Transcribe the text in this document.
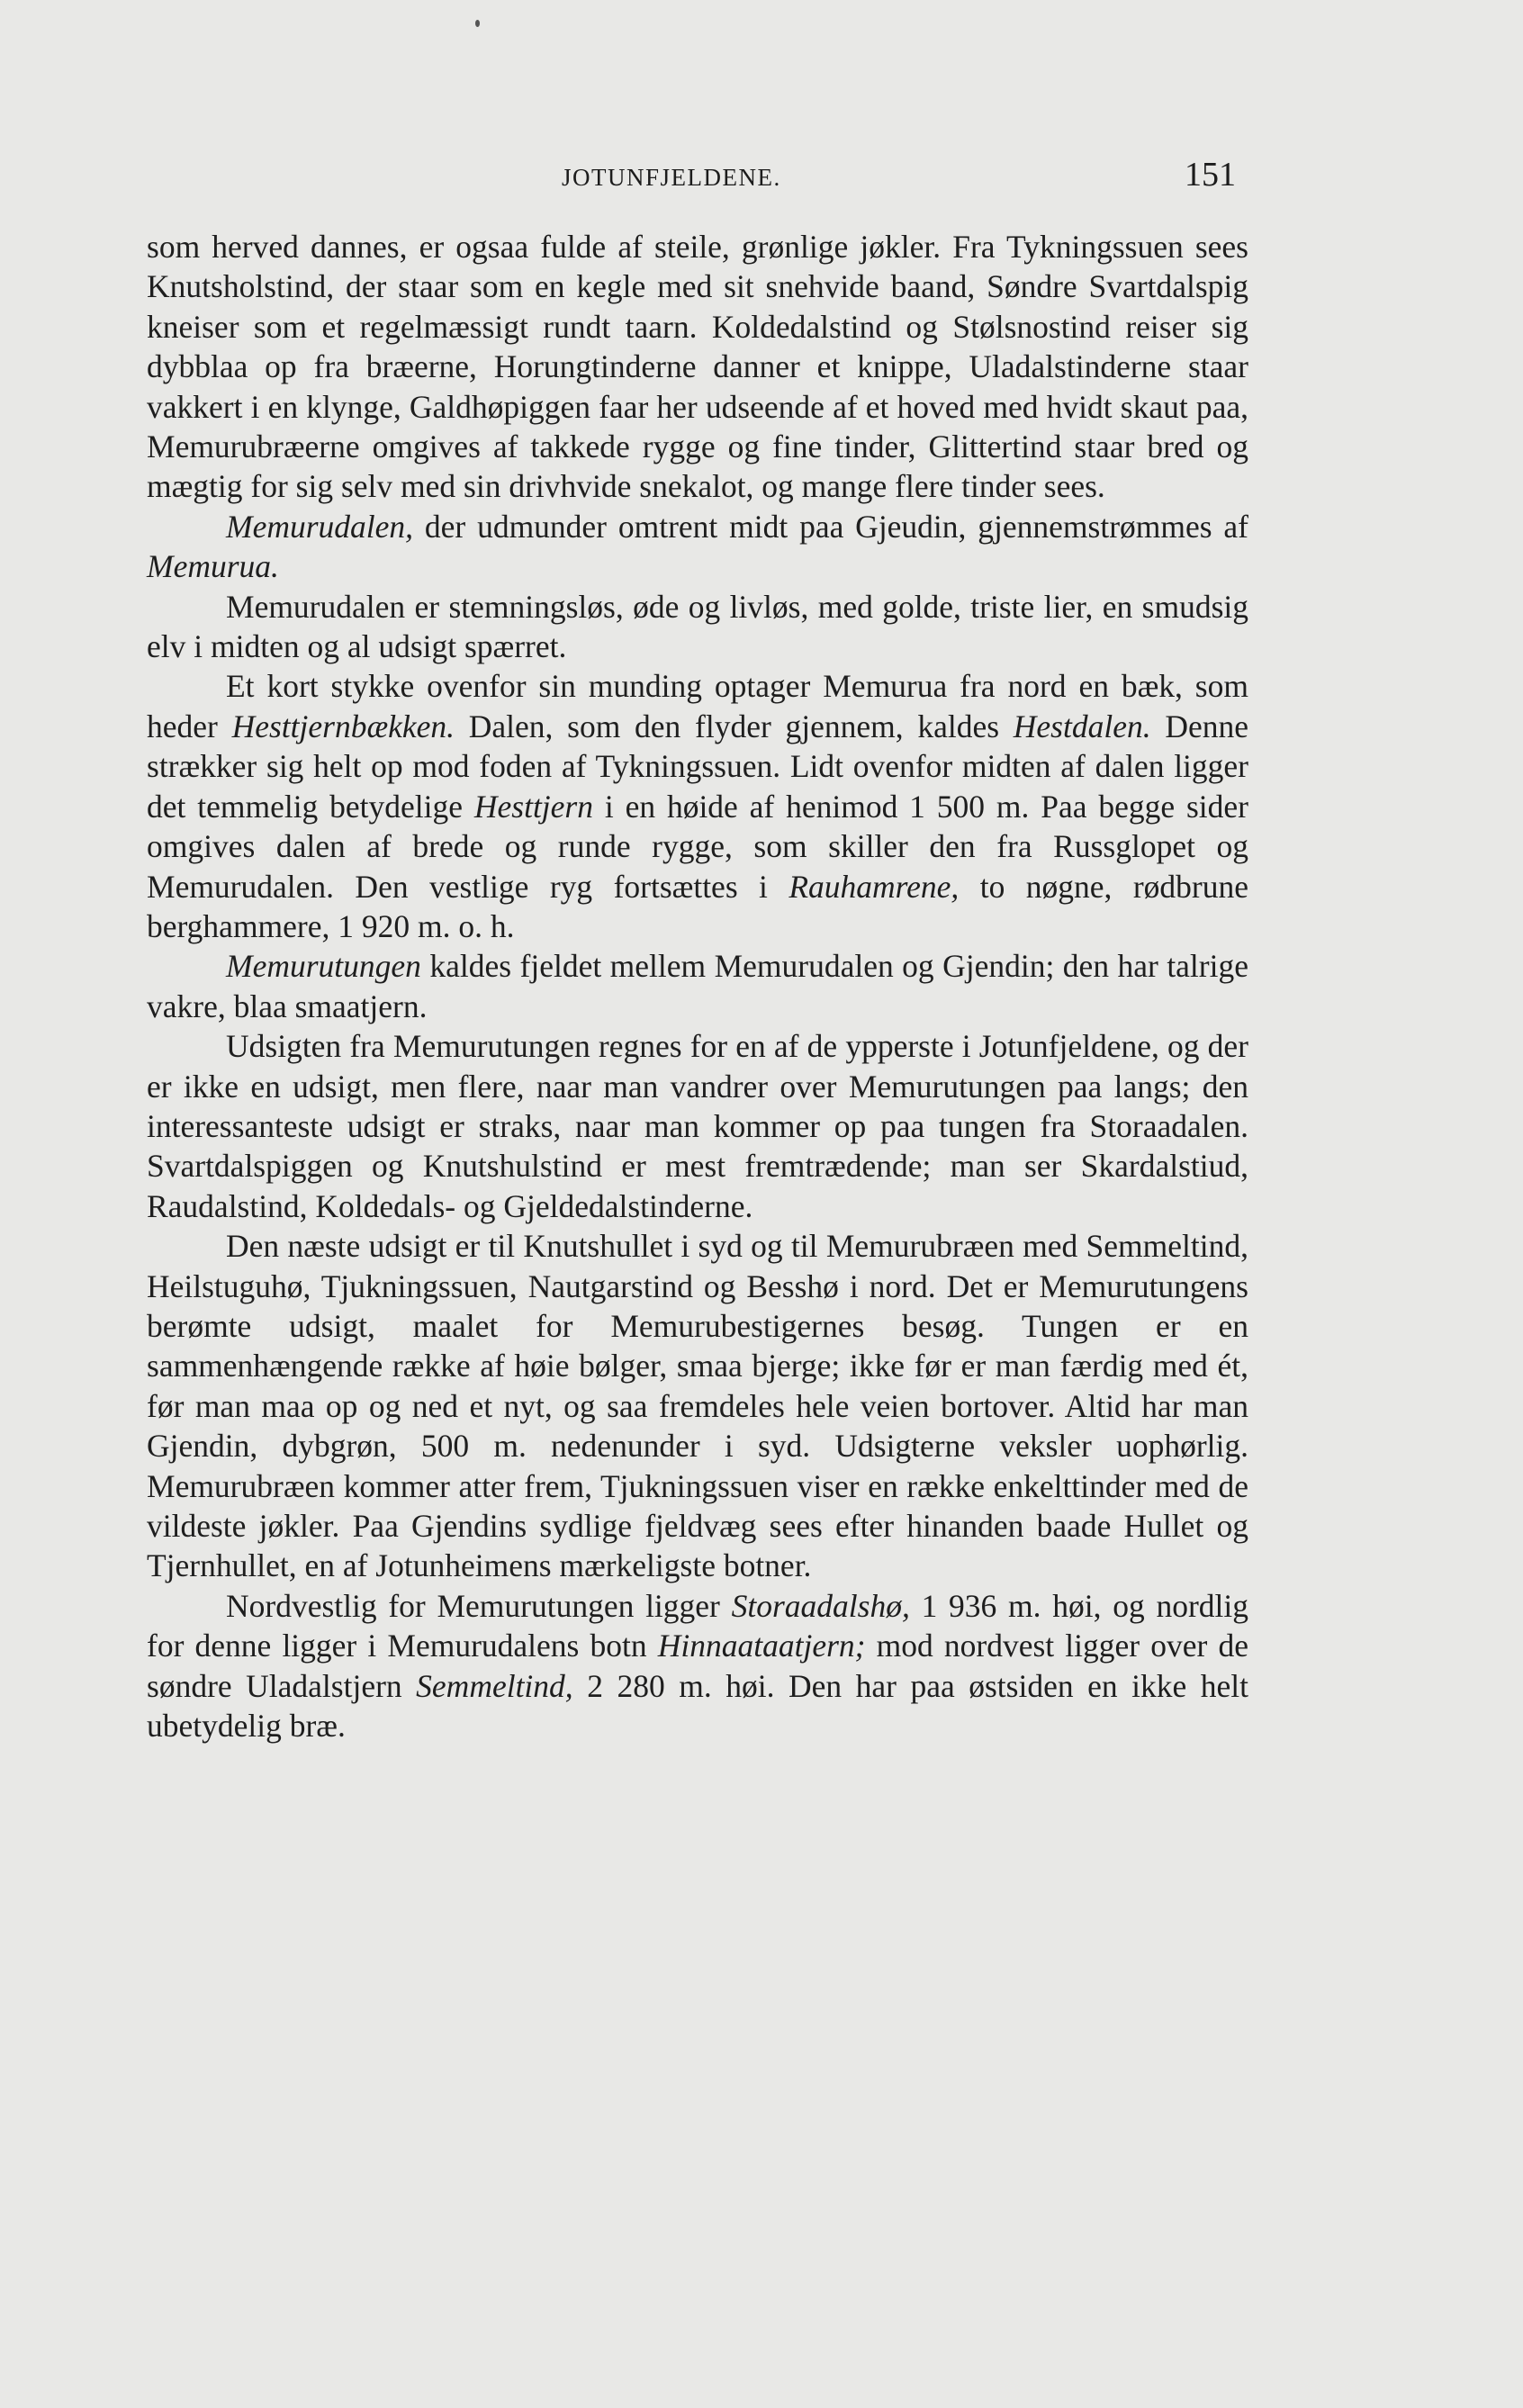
JOTUNFJELDENE.	151

som herved dannes, er ogsaa fulde af steile, grønlige jøkler. Fra Tykningssuen sees Knutsholstind, der staar som en kegle med sit snehvide baand, Søndre Svartdalspig kneiser som et regelmæssigt rundt taarn. Koldedalstind og Stølsnostind reiser sig dybblaa op fra bræerne, Horungtinderne danner et knippe, Uladalstinderne staar vakkert i en klynge, Galdhøpiggen faar her udseende af et hoved med hvidt skaut paa, Memurubræerne omgives af takkede rygge og fine tinder, Glittertind staar bred og mægtig for sig selv med sin drivhvide snekalot, og mange flere tinder sees.

Memurudalen, der udmunder omtrent midt paa Gjeudin, gjennemstrømmes af Memurua.

Memurudalen er stemningsløs, øde og livløs, med golde, triste lier, en smudsig elv i midten og al udsigt spærret.

Et kort stykke ovenfor sin munding optager Memurua fra nord en bæk, som heder Hesttjernbækken. Dalen, som den flyder gjennem, kaldes Hestdalen. Denne strækker sig helt op mod foden af Tykningssuen. Lidt ovenfor midten af dalen ligger det temmelig betydelige Hesttjern i en høide af henimod 1 500 m. Paa begge sider omgives dalen af brede og runde rygge, som skiller den fra Russglopet og Memurudalen. Den vestlige ryg fortsættes i Rauhamrene, to nøgne, rødbrune berghammere, 1 920 m. o. h.

Memurutungen kaldes fjeldet mellem Memurudalen og Gjendin; den har talrige vakre, blaa smaatjern.

Udsigten fra Memurutungen regnes for en af de ypperste i Jotunfjeldene, og der er ikke en udsigt, men flere, naar man vandrer over Memurutungen paa langs; den interessanteste udsigt er straks, naar man kommer op paa tungen fra Storaadalen. Svartdalspiggen og Knutshulstind er mest fremtrædende; man ser Skardalstiud, Raudalstind, Koldedals- og Gjeldedalstinderne.

Den næste udsigt er til Knutshullet i syd og til Memurubræen med Semmeltind, Heilstuguhø, Tjukningssuen, Nautgarstind og Besshø i nord. Det er Memurutungens berømte udsigt, maalet for Memurubestigernes besøg. Tungen er en sammenhængende række af høie bølger, smaa bjerge; ikke før er man færdig med ét, før man maa op og ned et nyt, og saa fremdeles hele veien bortover. Altid har man Gjendin, dybgrøn, 500 m. nedenunder i syd. Udsigterne veksler uophørlig. Memurubræen kommer atter frem, Tjukningssuen viser en række enkelttinder med de vildeste jøkler. Paa Gjendins sydlige fjeldvæg sees efter hinanden baade Hullet og Tjernhullet, en af Jotunheimens mærkeligste botner.

Nordvestlig for Memurutungen ligger Storaadalshø, 1 936 m. høi, og nordlig for denne ligger i Memurudalens botn Hinnaataatjern; mod nordvest ligger over de søndre Uladalstjern Semmeltind, 2 280 m. høi. Den har paa østsiden en ikke helt ubetydelig bræ.
